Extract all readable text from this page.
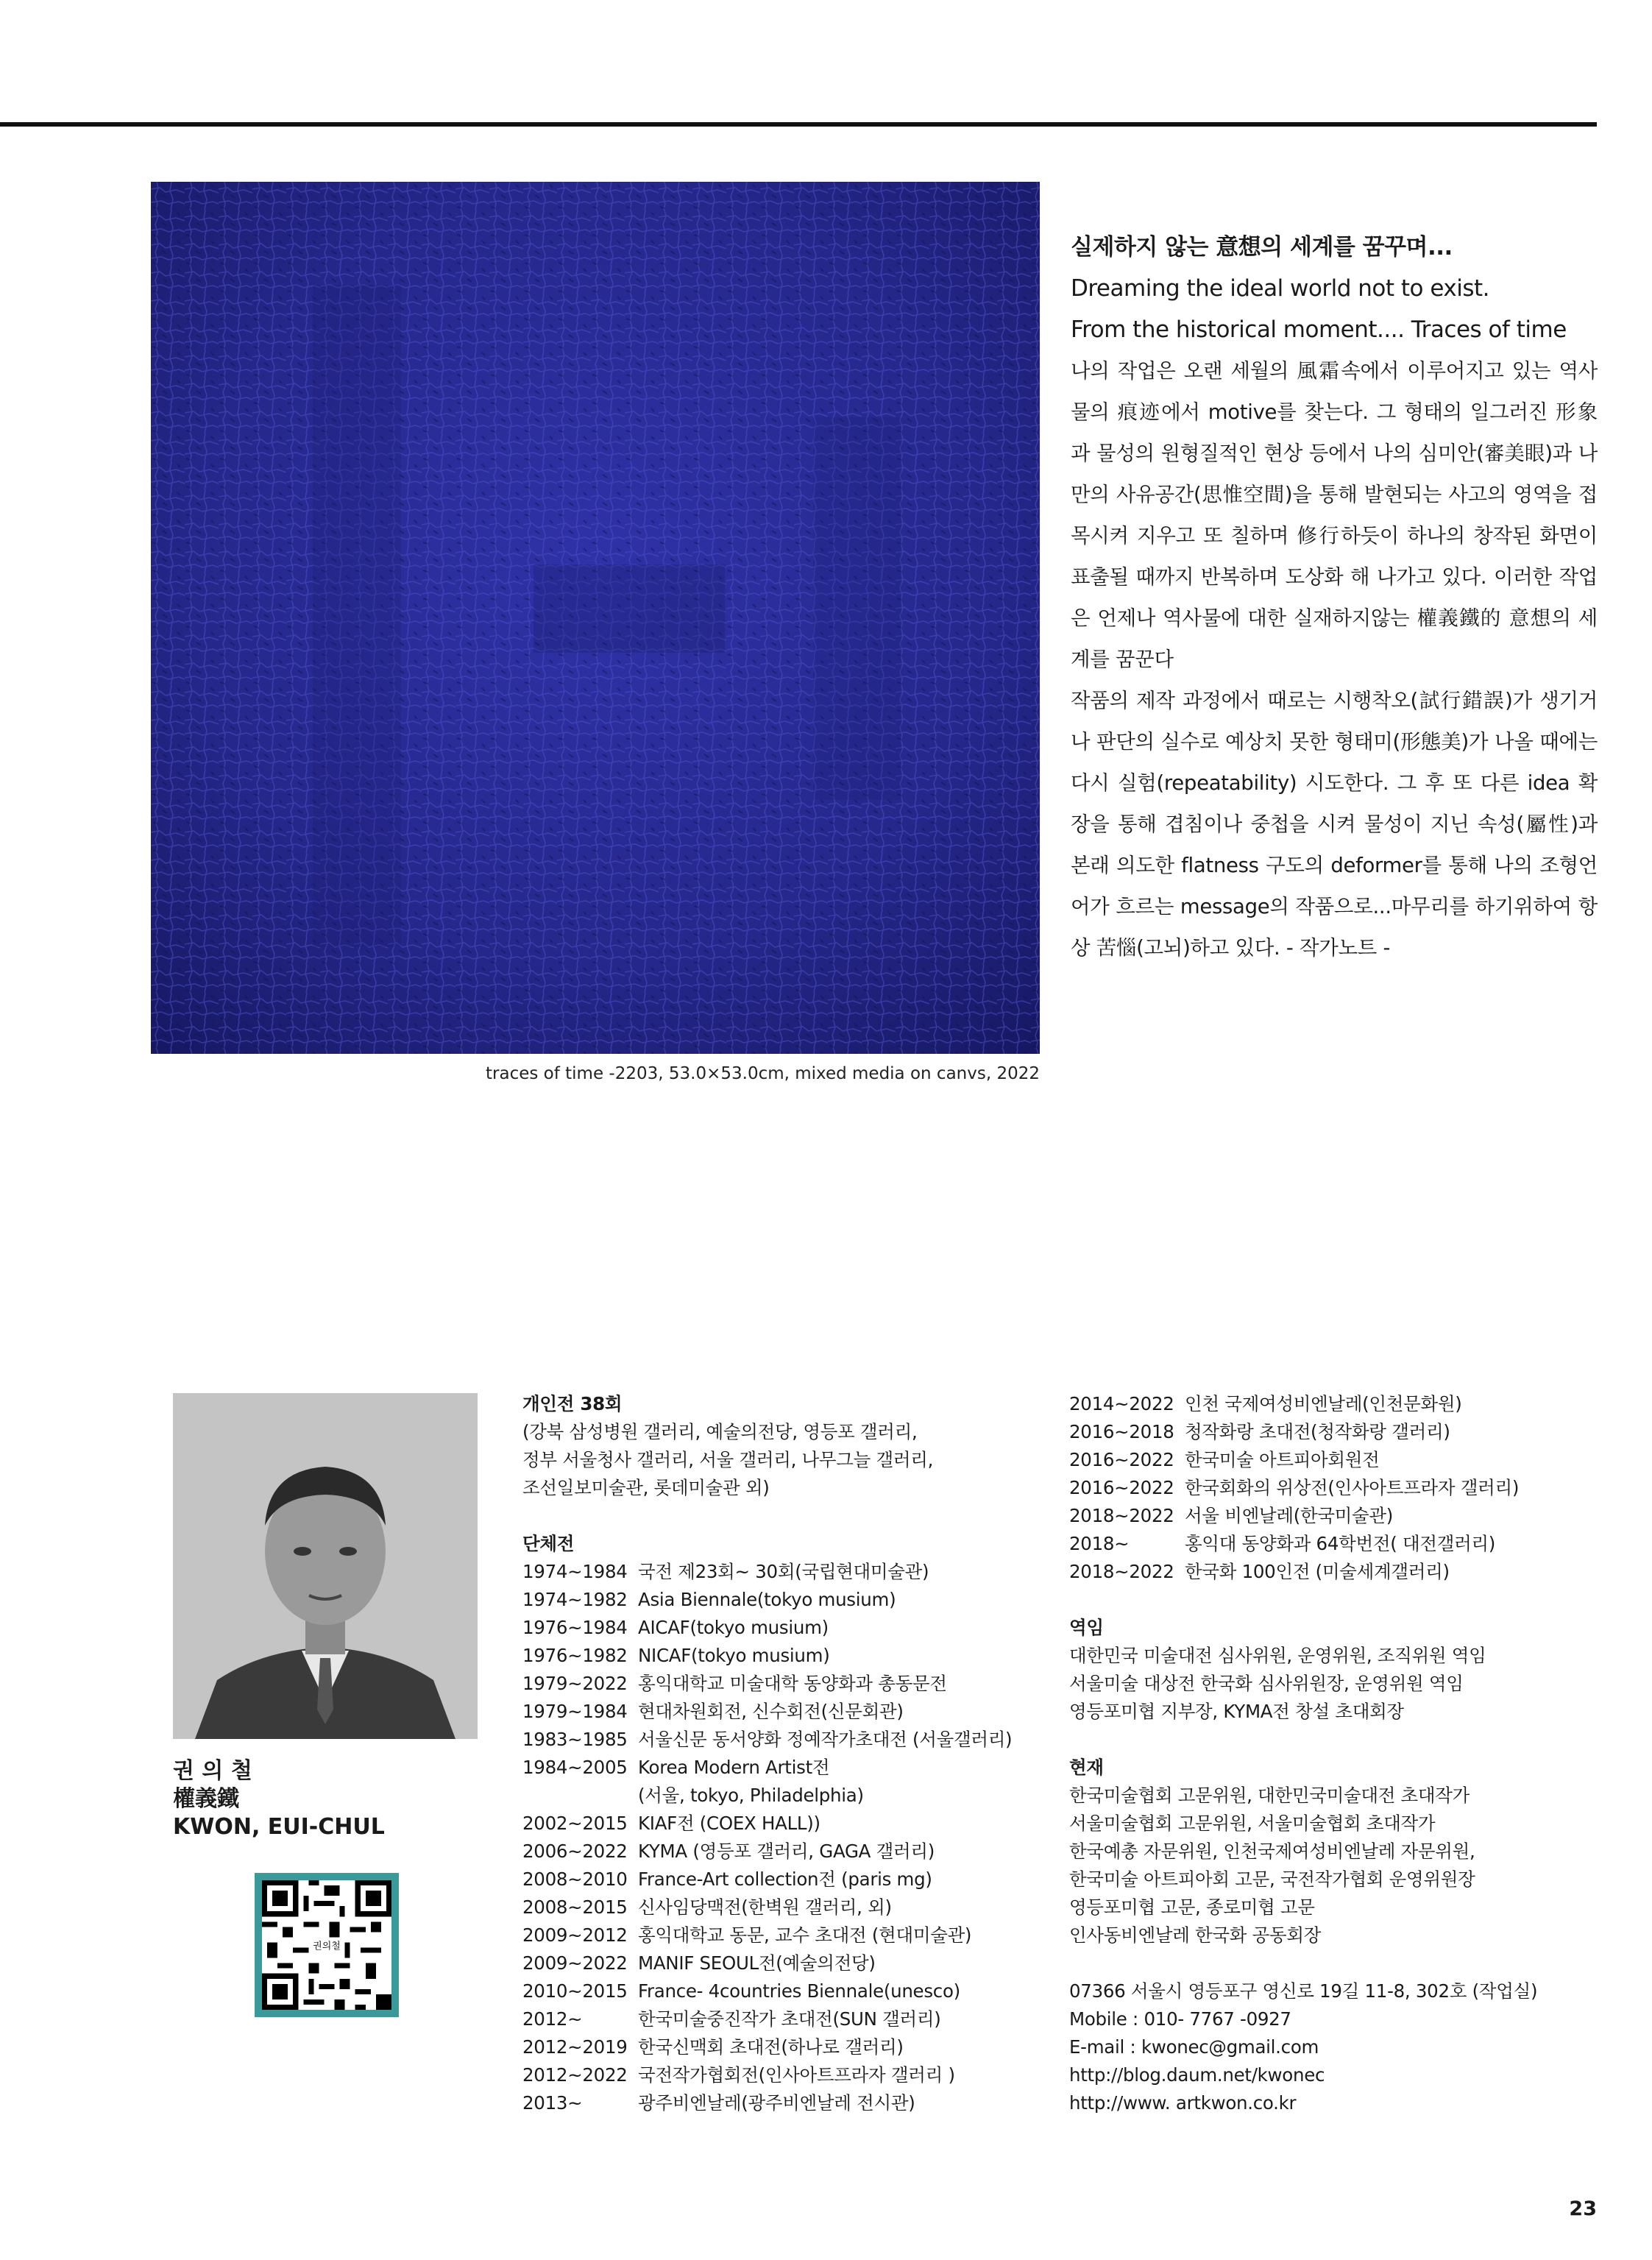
traces of time -2203, 53.0×53.0cm, mixed media on canvs, 2022

실제하지 않는 意想의 세계를 꿈꾸며...

Dreaming the ideal world not to exist.

From the historical moment.... Traces of time

나의 작업은 오랜 세월의 風霜속에서 이루어지고 있는 역사물의 痕迹에서 motive를 찾는다. 그 형태의 일그러진 形象과 물성의 원형질적인 현상 등에서 나의 심미안(審美眼)과 나만의 사유공간(思惟空間)을 통해 발현되는 사고의 영역을 접목시켜 지우고 또 칠하며 修行하듯이 하나의 창작된 화면이 표출될 때까지 반복하며 도상화 해 나가고 있다. 이러한 작업은 언제나 역사물에 대한 실재하지않는 權義鐵的 意想의 세계를 꿈꾼다

작품의 제작 과정에서 때로는 시행착오(試行錯誤)가 생기거나 판단의 실수로 예상치 못한 형태미(形態美)가 나올 때에는 다시 실험(repeatability) 시도한다. 그 후 또 다른 idea 확장을 통해 겹침이나 중첩을 시켜 물성이 지닌 속성(屬性)과 본래 의도한 flatness 구도의 deformer를 통해 나의 조형언어가 흐르는 message의 작품으로...마무리를 하기위하여 항상 苦惱(고뇌)하고 있다. - 작가노트 -

권 의 철
權義鐵
KWON, EUI-CHUL
권의철
개인전 38회
(강북 삼성병원 갤러리, 예술의전당, 영등포 갤러리,
정부 서울청사 갤러리, 서울 갤러리, 나무그늘 갤러리,
조선일보미술관, 롯데미술관 외)
단체전
1974~1984 국전 제23회~ 30회(국립현대미술관)
1974~1982 Asia Biennale(tokyo musium)
1976~1984 AICAF(tokyo musium)
1976~1982 NICAF(tokyo musium)
1979~2022 홍익대학교 미술대학 동양화과 총동문전
1979~1984 현대차원회전, 신수회전(신문회관)
1983~1985 서울신문 동서양화 정예작가초대전 (서울갤러리)
1984~2005 Korea Modern Artist전
(서울, tokyo, Philadelphia)
2002~2015 KIAF전 (COEX HALL))
2006~2022 KYMA (영등포 갤러리, GAGA 갤러리)
2008~2010 France-Art collection전 (paris mg)
2008~2015 신사임당맥전(한벽원 갤러리, 외)
2009~2012 홍익대학교 동문, 교수 초대전 (현대미술관)
2009~2022 MANIF SEOUL전(예술의전당)
2010~2015 France- 4countries Biennale(unesco)
2012~	한국미술중진작가 초대전(SUN 갤러리)
2012~2019 한국신맥회 초대전(하나로 갤러리)
2012~2022 국전작가협회전(인사아트프라자 갤러리 )
2013~	광주비엔날레(광주비엔날레 전시관)
2014~2022 인천 국제여성비엔날레(인천문화원)
2016~2018 청작화랑 초대전(청작화랑 갤러리)
2016~2022 한국미술 아트피아회원전
2016~2022 한국회화의 위상전(인사아트프라자 갤러리)
2018~2022 서울 비엔날레(한국미술관)
2018~	홍익대 동양화과 64학번전( 대전갤러리)
2018~2022 한국화 100인전 (미술세계갤러리)
역임
대한민국 미술대전 심사위원, 운영위원, 조직위원 역임
서울미술 대상전 한국화 심사위원장, 운영위원 역임
영등포미협 지부장, KYMA전 창설 초대회장
현재
한국미술협회 고문위원, 대한민국미술대전 초대작가
서울미술협회 고문위원, 서울미술협회 초대작가
한국예총 자문위원, 인천국제여성비엔날레 자문위원,
한국미술 아트피아회 고문, 국전작가협회 운영위원장
영등포미협 고문, 종로미협 고문
인사동비엔날레 한국화 공동회장
07366 서울시 영등포구 영신로 19길 11-8, 302호 (작업실)
Mobile : 010- 7767 -0927
E-mail : kwonec@gmail.com
http://blog.daum.net/kwonec
http://www. artkwon.co.kr
23
